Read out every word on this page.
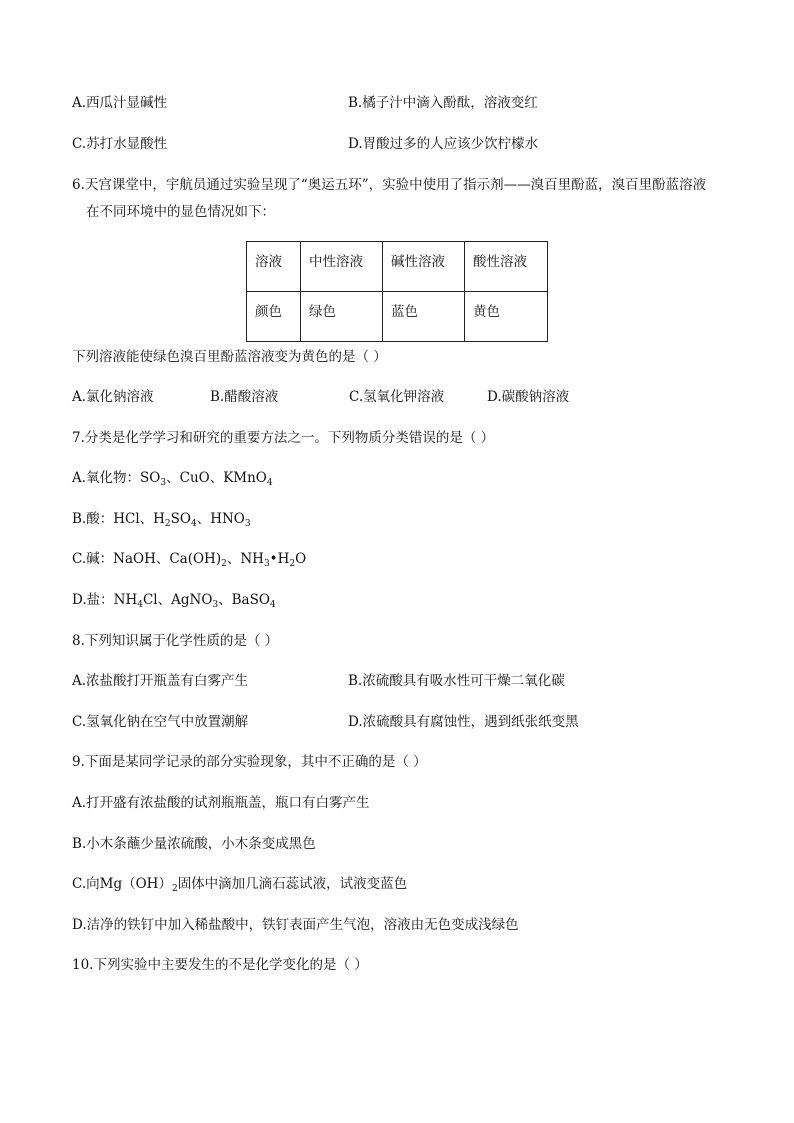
A.西瓜汁显碱性	B.橘子汁中滴入酚酞，溶液变红
C.苏打水显酸性	D.胃酸过多的人应该少饮柠檬水
6.天宫课堂中，宇航员通过实验呈现了“奥运五环”，实验中使用了指示剂——溴百里酚蓝，溴百里酚蓝溶液
在不同环境中的显色情况如下：
溶液	中性溶液	碱性溶液	酸性溶液
颜色	绿色	蓝色	黄色
下列溶液能使绿色溴百里酚蓝溶液变为黄色的是（ ）
A.氯化钠溶液	B.醋酸溶液	C.氢氧化钾溶液	D.碳酸钠溶液
7.分类是化学学习和研究的重要方法之一。下列物质分类错误的是（ ）
A.氧化物：$SO_3$、CuO、KMnO$_4$
B.酸：HCl、$H_2SO_4$、$HNO_3$
C.碱：NaOH、$Ca(OH)_2$、$NH_3•H_2O$
D.盐：$NH_4Cl$、AgNO$_3$、BaSO$_4$
8.下列知识属于化学性质的是（ ）
A.浓盐酸打开瓶盖有白雾产生	B.浓硫酸具有吸水性可干燥二氧化碳
C.氢氧化钠在空气中放置潮解	D.浓硫酸具有腐蚀性，遇到纸张纸变黑
9.下面是某同学记录的部分实验现象，其中不正确的是（ ）
A.打开盛有浓盐酸的试剂瓶瓶盖，瓶口有白雾产生
B.小木条蘸少量浓硫酸，小木条变成黑色
C.向$Mg(OH)_2$固体中滴加几滴石蕊试液，试液变蓝色
D.洁净的铁钉中加入稀盐酸中，铁钉表面产生气泡，溶液由无色变成浅绿色
10.下列实验中主要发生的不是化学变化的是（ ）
